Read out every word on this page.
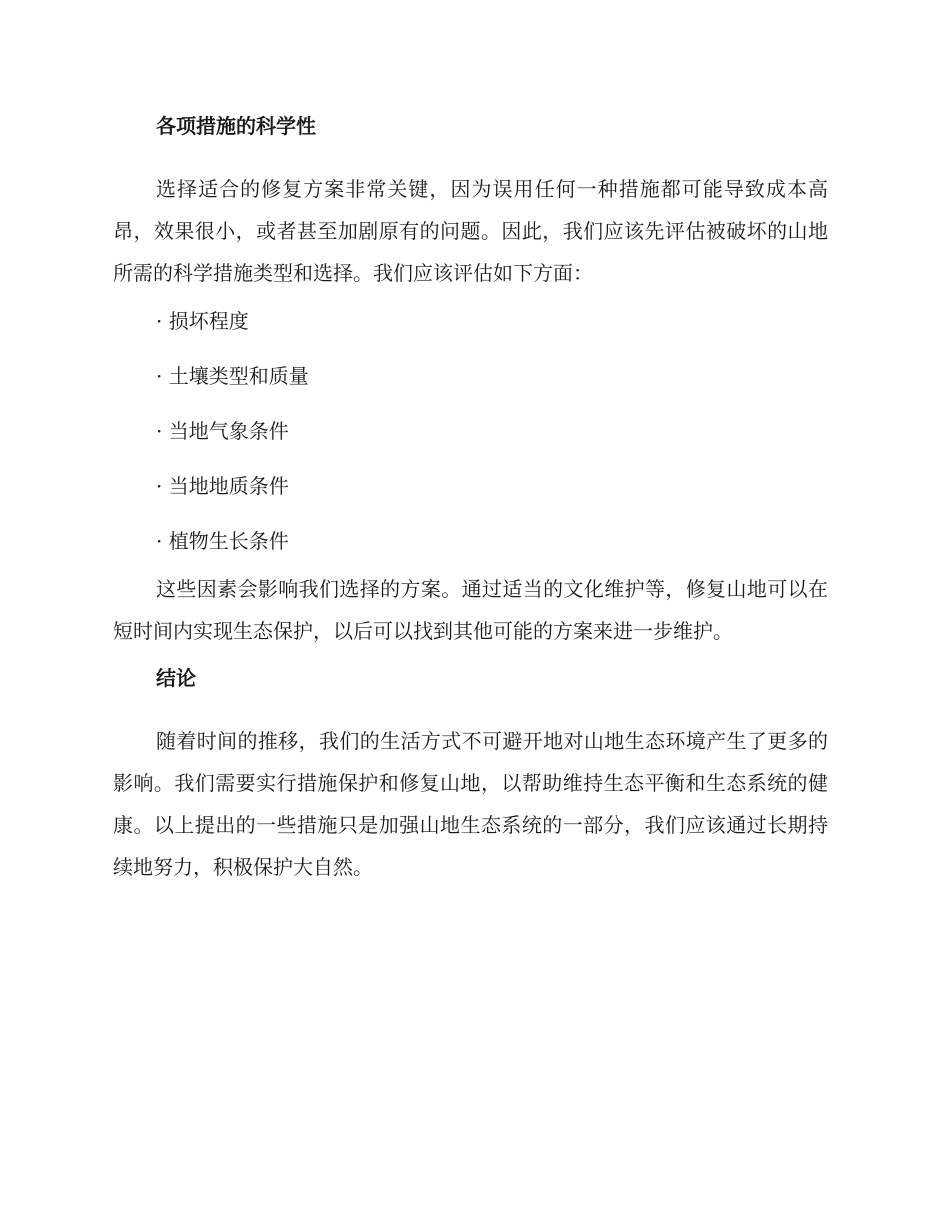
各项措施的科学性

选择适合的修复方案非常关键，因为误用任何一种措施都可能导致成本高昂，效果很小，或者甚至加剧原有的问题。因此，我们应该先评估被破坏的山地所需的科学措施类型和选择。我们应该评估如下方面：

· 损坏程度
· 土壤类型和质量
· 当地气象条件
· 当地地质条件
· 植物生长条件

这些因素会影响我们选择的方案。通过适当的文化维护等，修复山地可以在短时间内实现生态保护，以后可以找到其他可能的方案来进一步维护。

结论

随着时间的推移，我们的生活方式不可避开地对山地生态环境产生了更多的影响。我们需要实行措施保护和修复山地，以帮助维持生态平衡和生态系统的健康。以上提出的一些措施只是加强山地生态系统的一部分，我们应该通过长期持续地努力，积极保护大自然。
